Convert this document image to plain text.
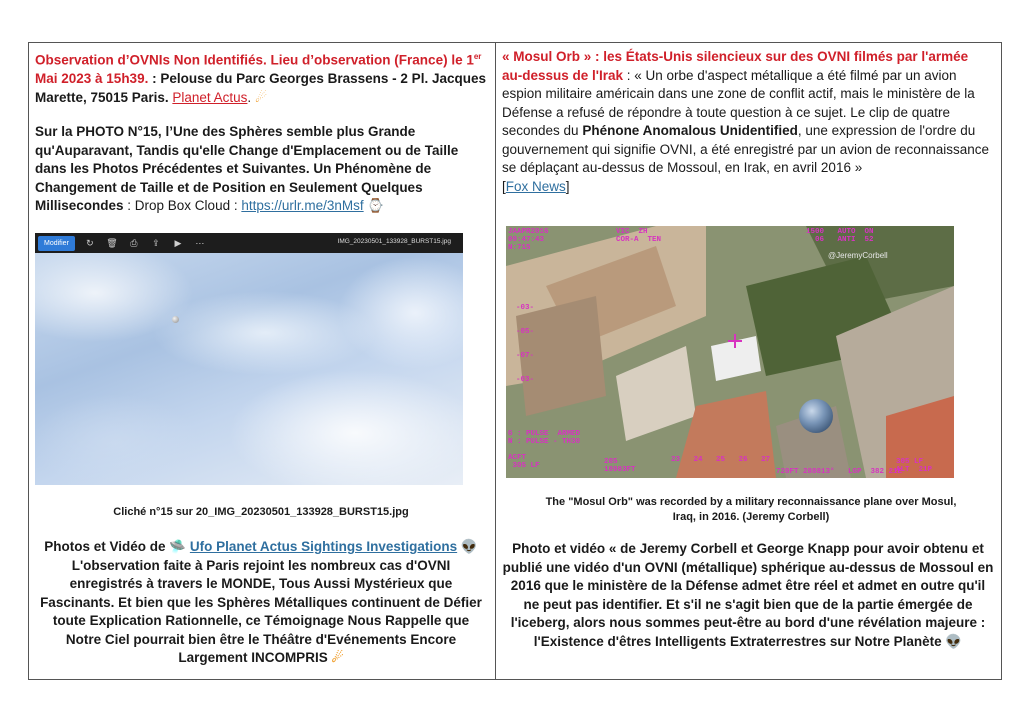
Observation d’OVNIs Non Identifiés. Lieu d’observation (France) le 1er Mai 2023 à 15h39. : Pelouse du Parc Georges Brassens - 2 Pl. Jacques Marette, 75015 Paris. Planet Actus. ☄
Sur la PHOTO N°15, l’Une des Sphères semble plus Grande qu'Auparavant, Tandis qu'elle Change d'Emplacement ou de Taille dans les Photos Précédentes et Suivantes. Un Phénomène de Changement de Taille et de Position en Seulement Quelques Millisecondes : Drop Box Cloud : https://urlr.me/3nMsf ⌚
Modifier	↻	🗑	⎙	⇪	▶	⋯	IMG_20230501_133928_BURST15.jpg
Cliché n°15 sur 20_IMG_20230501_133928_BURST15.jpg
Photos et Vidéo de 🛸 Ufo Planet Actus Sightings Investigations 👽
L'observation faite à Paris rejoint les nombreux cas d'OVNI enregistrés à travers le MONDE, Tous Aussi Mystérieux que Fascinants. Et bien que les Sphères Métalliques continuent de Défier toute Explication Rationnelle, ce Témoignage Nous Rappelle que Notre Ciel pourrait bien être le Théâtre d'Evénements Encore Largement INCOMPRIS ☄
« Mosul Orb » : les États-Unis silencieux sur des OVNI filmés par l'armée au-dessus de l'Irak : « Un orbe d'aspect métallique a été filmé par un avion espion militaire américain dans une zone de conflit actif, mais le ministère de la Défense a refusé de répondre à toute question à ce sujet. Le clip de quatre secondes du Phénone Anomalous Unidentified, une expression de l'ordre du gouvernement qui signifie OVNI, a été enregistré par un avion de reconnaissance se déplaçant au-dessus de Mossoul, en Irak, en avril 2016 »
[Fox News]
JAAPR2016
09:47:43
N:715
VIC  ZH
COR-A  TEN
1500   AUTO  ON
06   ANTI  52
@JeremyCorbell
-03-

-05-

-07-

-03-
G : PULSE  ARMED
N : PULSE - TH30

ACFT
305 LF	285
18983FT
23   24   25   26   27
720FT 288813°   LGP  382 21E
305 LF
ALT  21P
The "Mosul Orb" was recorded by a military reconnaissance plane over Mosul, Iraq, in 2016. (Jeremy Corbell)
Photo et vidéo « de Jeremy Corbell et George Knapp pour avoir obtenu et publié une vidéo d'un OVNI (métallique) sphérique au-dessus de Mossoul en 2016 que le ministère de la Défense admet être réel et admet en outre qu'il ne peut pas identifier. Et s'il ne s'agit bien que de la partie émergée de l'iceberg, alors nous sommes peut-être au bord d'une révélation majeure : l'Existence d'êtres Intelligents Extraterrestres sur Notre Planète 👽
